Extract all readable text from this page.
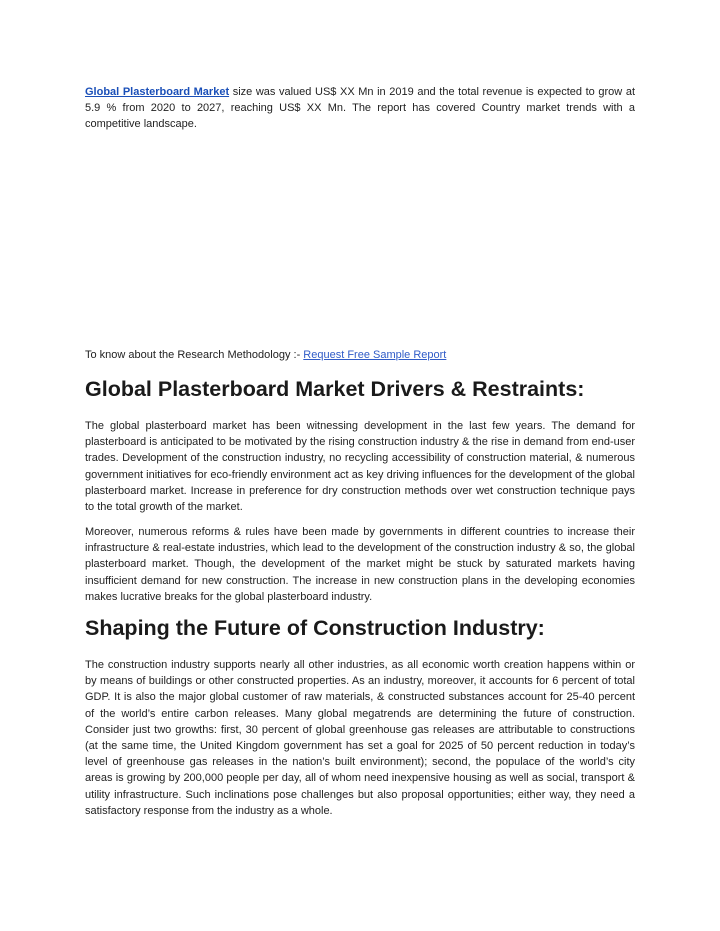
Global Plasterboard Market size was valued US$ XX Mn in 2019 and the total revenue is expected to grow at 5.9 % from 2020 to 2027, reaching US$ XX Mn. The report has covered Country market trends with a competitive landscape.

To know about the Research Methodology :- Request Free Sample Report
Global Plasterboard Market Drivers & Restraints:

The global plasterboard market has been witnessing development in the last few years. The demand for plasterboard is anticipated to be motivated by the rising construction industry & the rise in demand from end-user trades. Development of the construction industry, no recycling accessibility of construction material, & numerous government initiatives for eco-friendly environment act as key driving influences for the development of the global plasterboard market. Increase in preference for dry construction methods over wet construction technique pays to the total growth of the market.

Moreover, numerous reforms & rules have been made by governments in different countries to increase their infrastructure & real-estate industries, which lead to the development of the construction industry & so, the global plasterboard market. Though, the development of the market might be stuck by saturated markets having insufficient demand for new construction. The increase in new construction plans in the developing economies makes lucrative breaks for the global plasterboard industry.

Shaping the Future of Construction Industry:

The construction industry supports nearly all other industries, as all economic worth creation happens within or by means of buildings or other constructed properties. As an industry, moreover, it accounts for 6 percent of total GDP. It is also the major global customer of raw materials, & constructed substances account for 25-40 percent of the world’s entire carbon releases. Many global megatrends are determining the future of construction. Consider just two growths: first, 30 percent of global greenhouse gas releases are attributable to constructions (at the same time, the United Kingdom government has set a goal for 2025 of 50 percent reduction in today’s level of greenhouse gas releases in the nation’s built environment); second, the populace of the world’s city areas is growing by 200,000 people per day, all of whom need inexpensive housing as well as social, transport & utility infrastructure. Such inclinations pose challenges but also proposal opportunities; either way, they need a satisfactory response from the industry as a whole.
